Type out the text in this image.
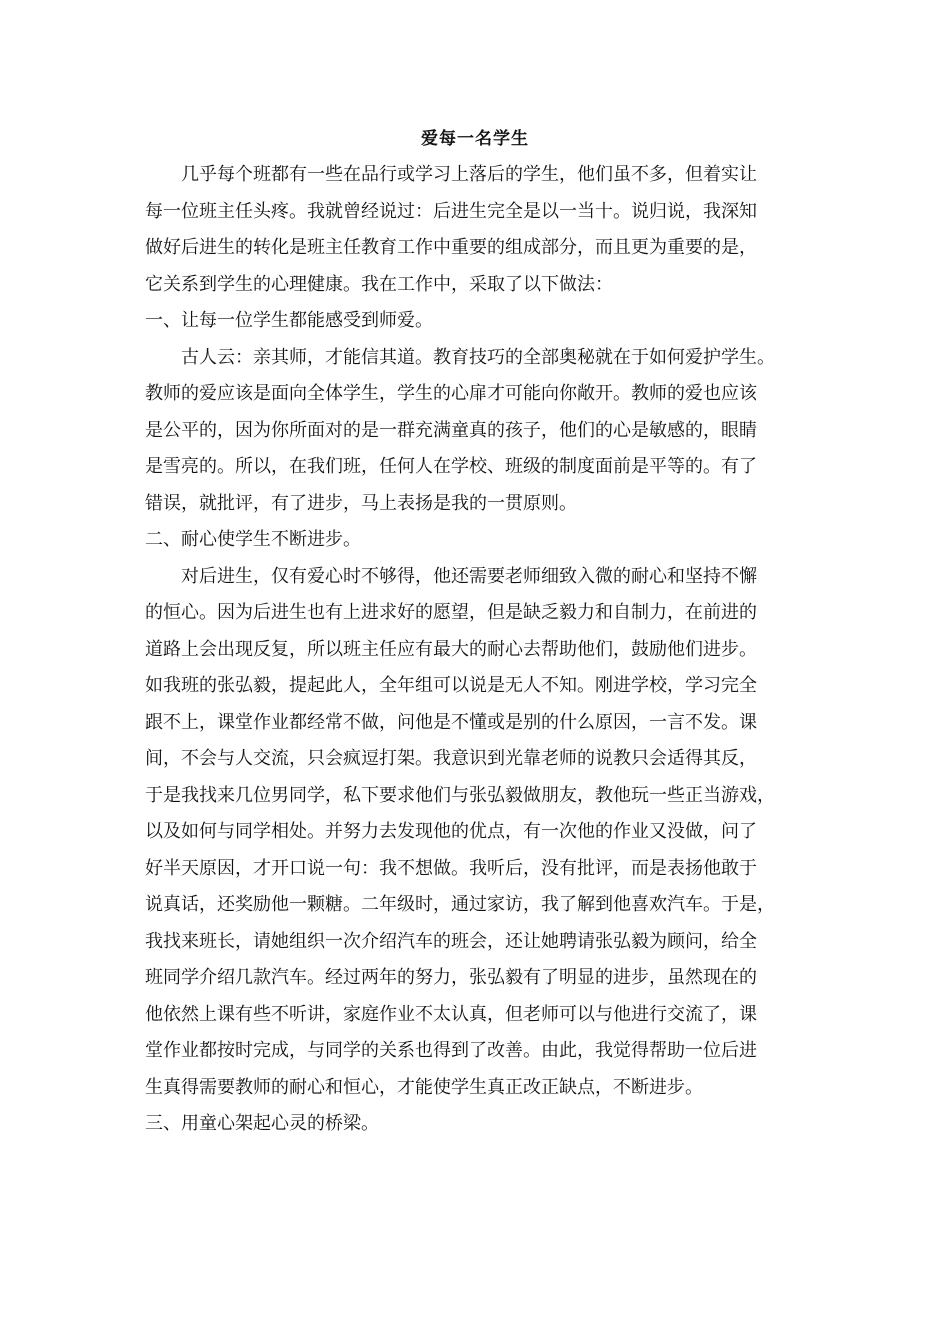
爱每一名学生
几乎每个班都有一些在品行或学习上落后的学生，他们虽不多，但着实让
每一位班主任头疼。我就曾经说过：后进生完全是以一当十。说归说，我深知
做好后进生的转化是班主任教育工作中重要的组成部分，而且更为重要的是，
它关系到学生的心理健康。我在工作中，采取了以下做法：
一、让每一位学生都能感受到师爱。
古人云：亲其师，才能信其道。教育技巧的全部奥秘就在于如何爱护学生。
教师的爱应该是面向全体学生，学生的心扉才可能向你敞开。教师的爱也应该
是公平的，因为你所面对的是一群充满童真的孩子，他们的心是敏感的，眼睛
是雪亮的。所以，在我们班，任何人在学校、班级的制度面前是平等的。有了
错误，就批评，有了进步，马上表扬是我的一贯原则。
二、耐心使学生不断进步。
对后进生，仅有爱心时不够得，他还需要老师细致入微的耐心和坚持不懈
的恒心。因为后进生也有上进求好的愿望，但是缺乏毅力和自制力，在前进的
道路上会出现反复，所以班主任应有最大的耐心去帮助他们，鼓励他们进步。
如我班的张弘毅，提起此人，全年组可以说是无人不知。刚进学校，学习完全
跟不上，课堂作业都经常不做，问他是不懂或是别的什么原因，一言不发。课
间，不会与人交流，只会疯逗打架。我意识到光靠老师的说教只会适得其反，
于是我找来几位男同学，私下要求他们与张弘毅做朋友，教他玩一些正当游戏，
以及如何与同学相处。并努力去发现他的优点，有一次他的作业又没做，问了
好半天原因，才开口说一句：我不想做。我听后，没有批评，而是表扬他敢于
说真话，还奖励他一颗糖。二年级时，通过家访，我了解到他喜欢汽车。于是，
我找来班长，请她组织一次介绍汽车的班会，还让她聘请张弘毅为顾问，给全
班同学介绍几款汽车。经过两年的努力，张弘毅有了明显的进步，虽然现在的
他依然上课有些不听讲，家庭作业不太认真，但老师可以与他进行交流了，课
堂作业都按时完成，与同学的关系也得到了改善。由此，我觉得帮助一位后进
生真得需要教师的耐心和恒心，才能使学生真正改正缺点，不断进步。
三、用童心架起心灵的桥梁。
